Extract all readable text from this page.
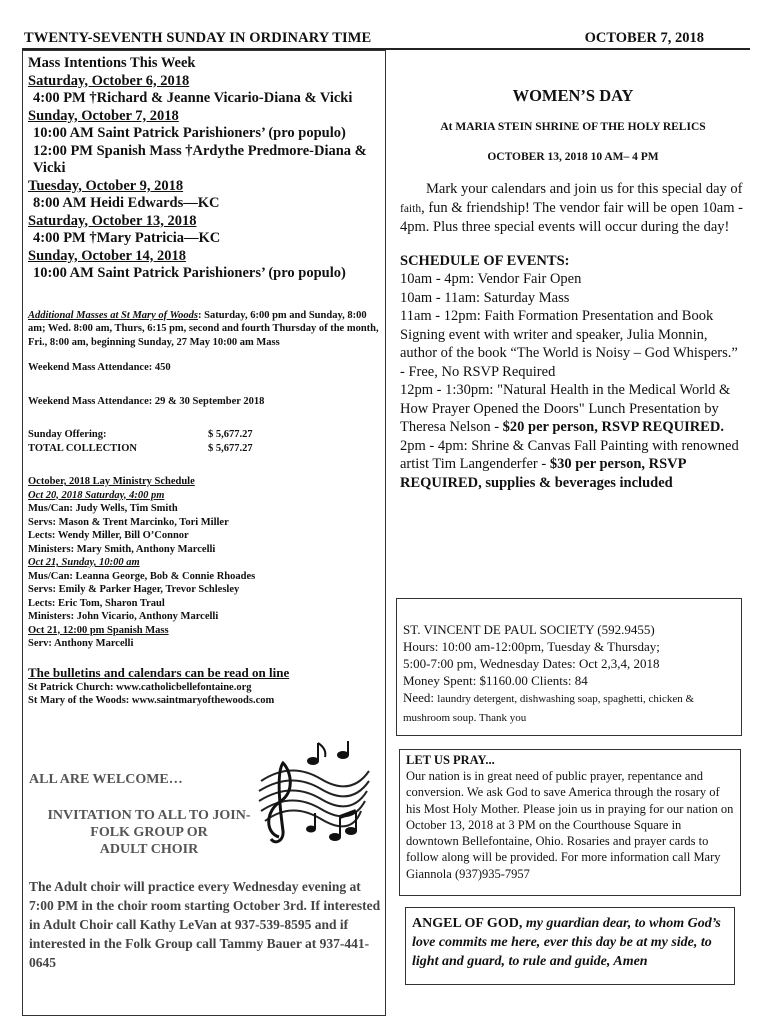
TWENTY-SEVENTH SUNDAY IN ORDINARY TIME	OCTOBER 7, 2018
Mass Intentions This Week
Saturday, October 6, 2018
4:00 PM †Richard & Jeanne Vicario-Diana & Vicki
Sunday, October 7, 2018
10:00 AM Saint Patrick Parishioners’ (pro populo)
12:00 PM Spanish Mass †Ardythe Predmore-Diana & Vicki
Tuesday, October 9, 2018
8:00 AM Heidi Edwards—KC
Saturday, October 13, 2018
4:00 PM †Mary Patricia—KC
Sunday, October 14, 2018
10:00 AM Saint Patrick Parishioners’ (pro populo)
Additional Masses at St Mary of Woods: Saturday, 6:00 pm and Sunday, 8:00 am; Wed. 8:00 am, Thurs, 6:15 pm, second and fourth Thursday of the month, Fri., 8:00 am, beginning Sunday, 27 May 10:00 am Mass
Weekend Mass Attendance: 450
Weekend Mass Attendance: 29 & 30 September 2018
Sunday Offering:	$ 5,677.27
TOTAL COLLECTION	$ 5,677.27
October, 2018 Lay Ministry Schedule
Oct 20, 2018 Saturday, 4:00 pm
Mus/Can: Judy Wells, Tim Smith
Servs: Mason & Trent Marcinko, Tori Miller
Lects: Wendy Miller, Bill O’Connor
Ministers: Mary Smith, Anthony Marcelli
Oct 21, Sunday, 10:00 am
Mus/Can: Leanna George, Bob & Connie Rhoades
Servs: Emily & Parker Hager, Trevor Schlesley
Lects: Eric Tom, Sharon Traul
Ministers: John Vicario, Anthony Marcelli
Oct 21, 12:00 pm Spanish Mass
Serv: Anthony Marcelli
The bulletins and calendars can be read on line
St Patrick Church: www.catholicbellefontaine.org
St Mary of the Woods: www.saintmaryofthewoods.com
ALL ARE WELCOME…
INVITATION TO ALL TO JOIN-
FOLK GROUP OR
ADULT CHOIR
The Adult choir will practice every Wednesday evening at 7:00 PM in the choir room starting October 3rd. If interested in Adult Choir call Kathy LeVan at 937-539-8595 and if interested in the Folk Group call Tammy Bauer at 937-441-0645
WOMEN’S DAY
At MARIA STEIN SHRINE OF THE HOLY RELICS
OCTOBER 13, 2018 10 AM– 4 PM
Mark your calendars and join us for this special day of faith, fun & friendship! The vendor fair will be open 10am - 4pm. Plus three special events will occur during the day!
SCHEDULE OF EVENTS:
10am - 4pm: Vendor Fair Open
10am - 11am: Saturday Mass
11am - 12pm: Faith Formation Presentation and Book Signing event with writer and speaker, Julia Monnin, author of the book “The World is Noisy – God Whispers.” - Free, No RSVP Required
12pm - 1:30pm: "Natural Health in the Medical World & How Prayer Opened the Doors" Lunch Presentation by Theresa Nelson - $20 per person, RSVP REQUIRED.
2pm - 4pm: Shrine & Canvas Fall Painting with renowned artist Tim Langenderfer - $30 per person, RSVP REQUIRED, supplies & beverages included
ST. VINCENT DE PAUL SOCIETY (592.9455)
Hours: 10:00 am-12:00pm, Tuesday & Thursday;
5:00-7:00 pm, Wednesday Dates: Oct 2,3,4, 2018
Money Spent: $1160.00 Clients: 84
Need: laundry detergent, dishwashing soap, spaghetti, chicken & mushroom soup. Thank you
LET US PRAY...
Our nation is in great need of public prayer, repentance and conversion. We ask God to save America through the rosary of his Most Holy Mother. Please join us in praying for our nation on October 13, 2018 at 3 PM on the Courthouse Square in downtown Bellefontaine, Ohio. Rosaries and prayer cards to follow along will be provided. For more information call Mary Giannola (937)935-7957
ANGEL OF GOD, my guardian dear, to whom God’s love commits me here, ever this day be at my side, to light and guard, to rule and guide, Amen
